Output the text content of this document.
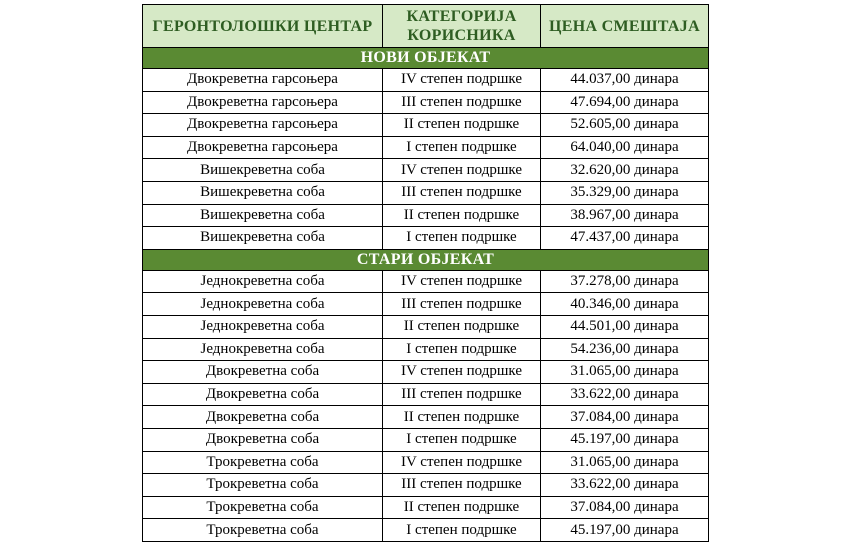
ГЕРОНТОЛОШКИ ЦЕНТАР	КАТЕГОРИЈА КОРИСНИКА	ЦЕНА СМЕШТАЈА
НОВИ ОБЈЕКАТ		
Двокреветна гарсоњера	IV степен подршке	44.037,00 динара
Двокреветна гарсоњера	III степен подршке	47.694,00 динара
Двокреветна гарсоњера	II степен подршке	52.605,00 динара
Двокреветна гарсоњера	I степен подршке	64.040,00 динара
Вишекреветна соба	IV степен подршке	32.620,00 динара
Вишекреветна соба	III степен подршке	35.329,00 динара
Вишекреветна соба	II степен подршке	38.967,00 динара
Вишекреветна соба	I степен подршке	47.437,00 динара
СТАРИ ОБЈЕКАТ		
Једнокреветна соба	IV степен подршке	37.278,00 динара
Једнокреветна соба	III степен подршке	40.346,00 динара
Једнокреветна соба	II степен подршке	44.501,00 динара
Једнокреветна соба	I степен подршке	54.236,00 динара
Двокреветна соба	IV степен подршке	31.065,00 динара
Двокреветна соба	III степен подршке	33.622,00 динара
Двокреветна соба	II степен подршке	37.084,00 динара
Двокреветна соба	I степен подршке	45.197,00 динара
Трокреветна соба	IV степен подршке	31.065,00 динара
Трокреветна соба	III степен подршке	33.622,00 динара
Трокреветна соба	II степен подршке	37.084,00 динара
Трокреветна соба	I степен подршке	45.197,00 динара
